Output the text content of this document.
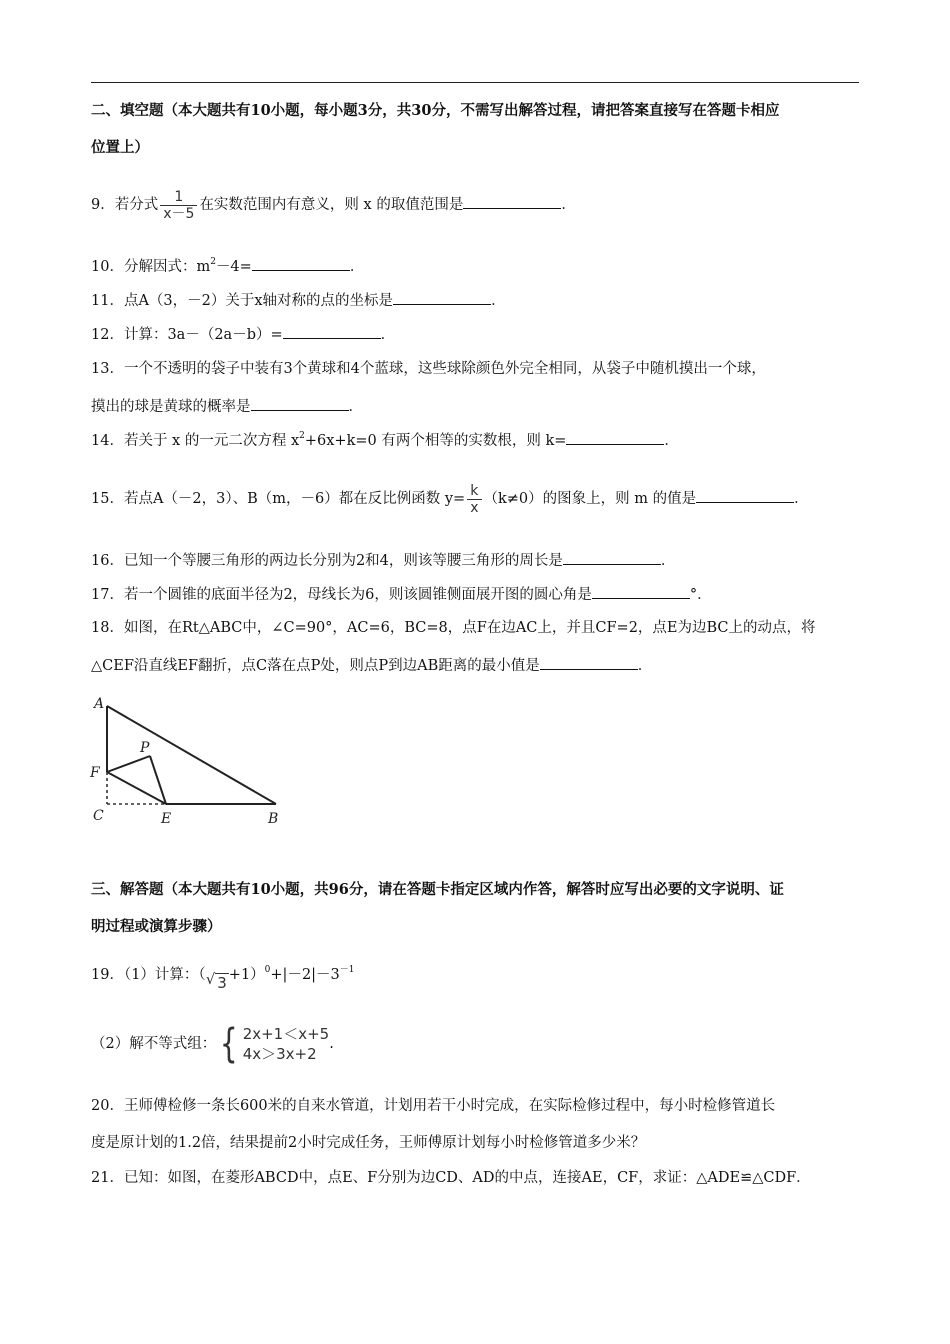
二、填空题（本大题共有10小题，每小题3分，共30分，不需写出解答过程，请把答案直接写在答题卡相应
位置上）
9．若分式 $\frac{1}{x-5}$ 在实数范围内有意义，则 x 的取值范围是	．
10．分解因式：$m^2-4=$	．
11．点A（3，－2）关于x轴对称的点的坐标是	．
12．计算：3a－（2a－b）=	．
13．一个不透明的袋子中装有3个黄球和4个蓝球，这些球除颜色外完全相同，从袋子中随机摸出一个球，
摸出的球是黄球的概率是	．
14．若关于 x 的一元二次方程 $x^2+6x+k=0$ 有两个相等的实数根，则 k=	．
15．若点A（－2，3）、B（m，－6）都在反比例函数 $y= \frac{k}{x} (k\ne 0)$的图象上，则 m 的值是	．
16．已知一个等腰三角形的两边长分别为2和4，则该等腰三角形的周长是	．
17．若一个圆锥的底面半径为2，母线长为6，则该圆锥侧面展开图的圆心角是	°．
18．如图，在Rt△ABC中，∠C=90°，AC=6，BC=8，点F在边AC上，并且CF=2，点E为边BC上的动点，将
△CEF沿直线EF翻折，点C落在点P处，则点P到边AB距离的最小值是	．
A
P
F
C	E	B
三、解答题（本大题共有10小题，共96分，请在答题卡指定区域内作答，解答时应写出必要的文字说明、证
明过程或演算步骤）
19．（1）计算：（ √ $3 +1)^0+|-2|-3^{-1}$
（2）解不等式组： { 2x+1＜x+5
4x＞3x+2
.
20．王师傅检修一条长600米的自来水管道，计划用若干小时完成，在实际检修过程中，每小时检修管道长
度是原计划的1.2倍，结果提前2小时完成任务，王师傅原计划每小时检修管道多少米？
21．已知：如图，在菱形ABCD中，点E、F分别为边CD、AD的中点，连接AE，CF，求证：△ADE≌△CDF．
